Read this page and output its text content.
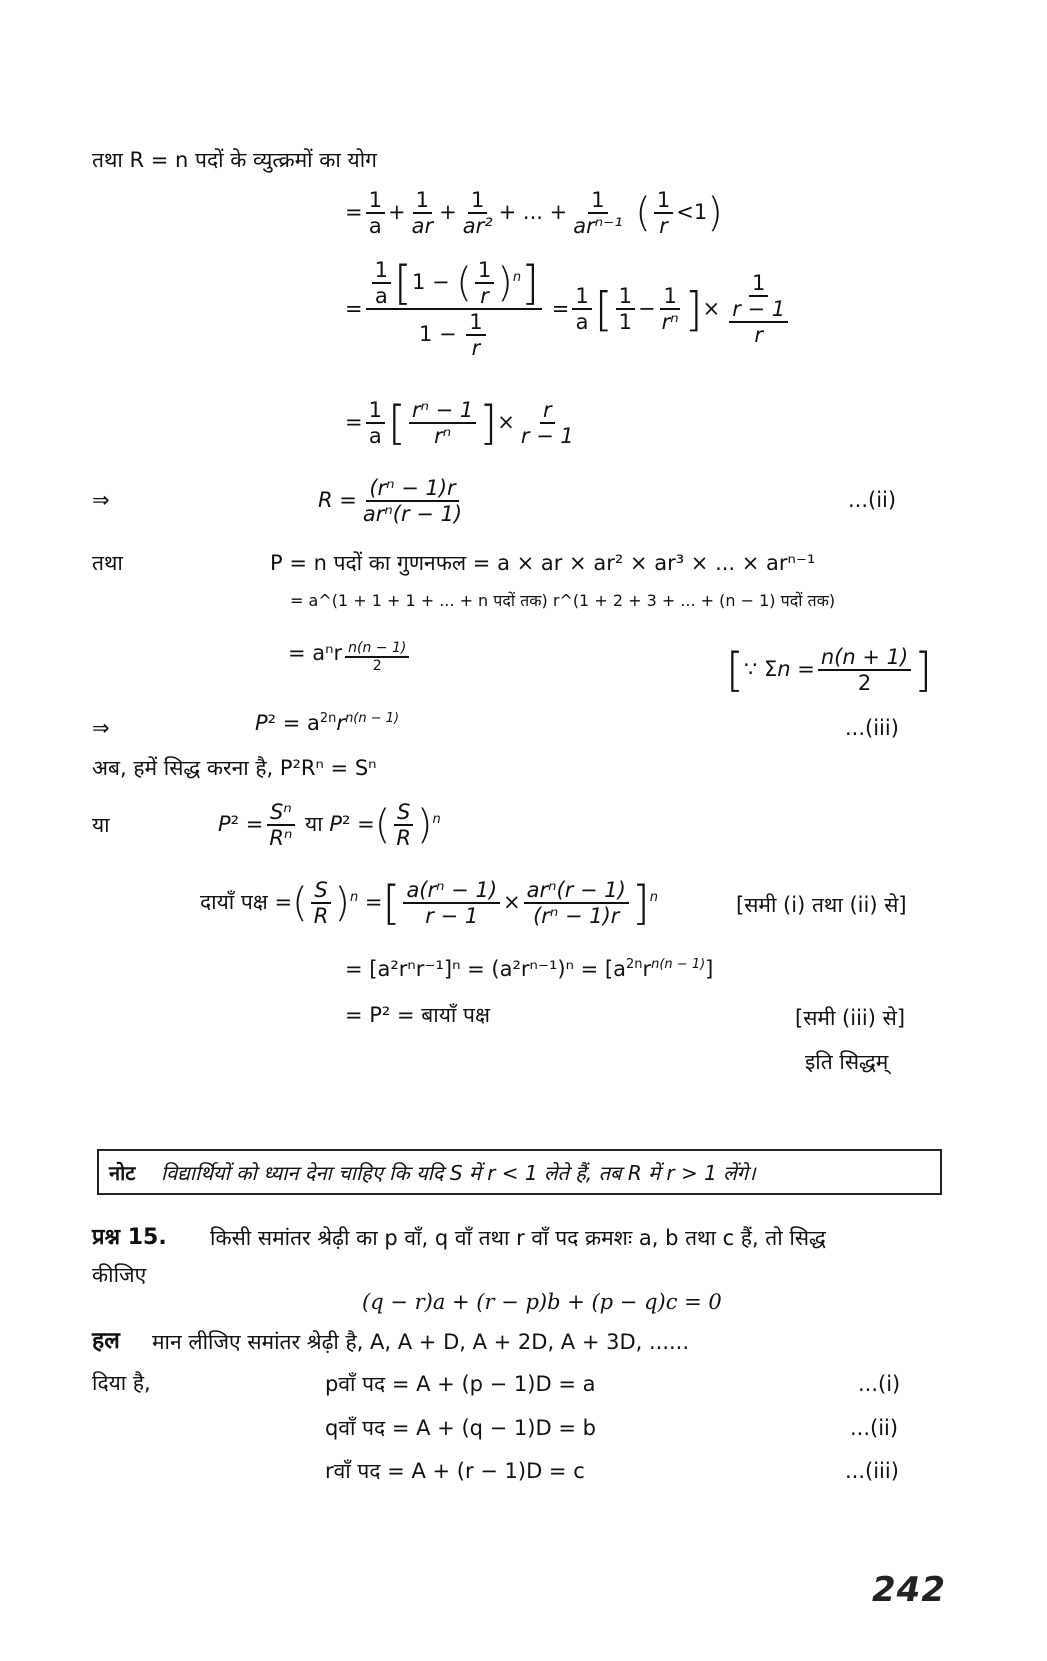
तथा R = n पदों के व्युत्क्रमों का योग
= $\frac{1}{a} + \frac{1}{ar} + \frac{1}{\text{ar²}}$ + ... + $\frac{1}{\text{arⁿ⁻¹}}$ ( $\frac{1}{r} <1$)
= $\frac{\frac{1}{a} [1 - ( \frac{1}{r} )^n]}{1 - \frac{1}{r}} = \frac{1}{a}$ [ $\frac{1}{1} - \frac{1}{\text{rⁿ}}$ ]× $\frac{1}{\frac{r - 1}{r}}$
= $\frac{1}{a}$ [ $\frac{\text{rⁿ − 1}}{\text{rⁿ}}$ ]× $\frac{r}{r - 1}$
⇒	$R = \frac{\text{(rⁿ − 1)r}}{\text{arⁿ(r − 1)}}$	...(ii)
तथा	P = n पदों का गुणनफल = a × ar × ar² × ar³ × ... × arⁿ⁻¹
= a^(1 + 1 + 1 + ... + n पदों तक) r^(1 + 2 + 3 + ... + (n − 1) पदों तक)
= aⁿr $\frac{n(n - 1)}{2}$	[∵ $\Sigma n = \frac{n(n + 1)}{2}$ ]
⇒	$P^2 = a^{2n}r^{n(n - 1)}$	...(iii)
अब, हमें सिद्ध करना है, P²Rⁿ = Sⁿ
या	$P^2 = \frac{\text{Sⁿ}}{\text{Rⁿ}}$ या P² =( $\frac{S}{R} )^n$
दायाँ पक्ष =( $\frac{S}{R} )^n$ =[ $\frac{\text{a(rⁿ − 1)}}{r - 1} \times \frac{\text{arⁿ(r − 1)}}{\text{(rⁿ − 1)r}} ]^n$	[समी (i) तथा (ii) से]
= $[a^2r^nr^{-1}]^n = (a^2r^{n-1})^n = [a^{2n}r^{n(n - 1)}]$
= P² = बायाँ पक्ष	[समी (iii) से]
इति सिद्धम्
नोट विद्यार्थियों को ध्यान देना चाहिए कि यदि S में r < 1 लेते हैं, तब R में r > 1 लेंगे।
प्रश्न 15. किसी समांतर श्रेढ़ी का p वाँ, q वाँ तथा r वाँ पद क्रमशः a, b तथा c हैं, तो सिद्ध
कीजिए
(q − r)a + (r − p)b + (p − q)c = 0
हल मान लीजिए समांतर श्रेढ़ी है, A, A + D, A + 2D, A + 3D, ......
दिया है,	pवाँ पद = A + (p − 1)D = a	...(i)
qवाँ पद = A + (q − 1)D = b	...(ii)
rवाँ पद = A + (r − 1)D = c	...(iii)
242
